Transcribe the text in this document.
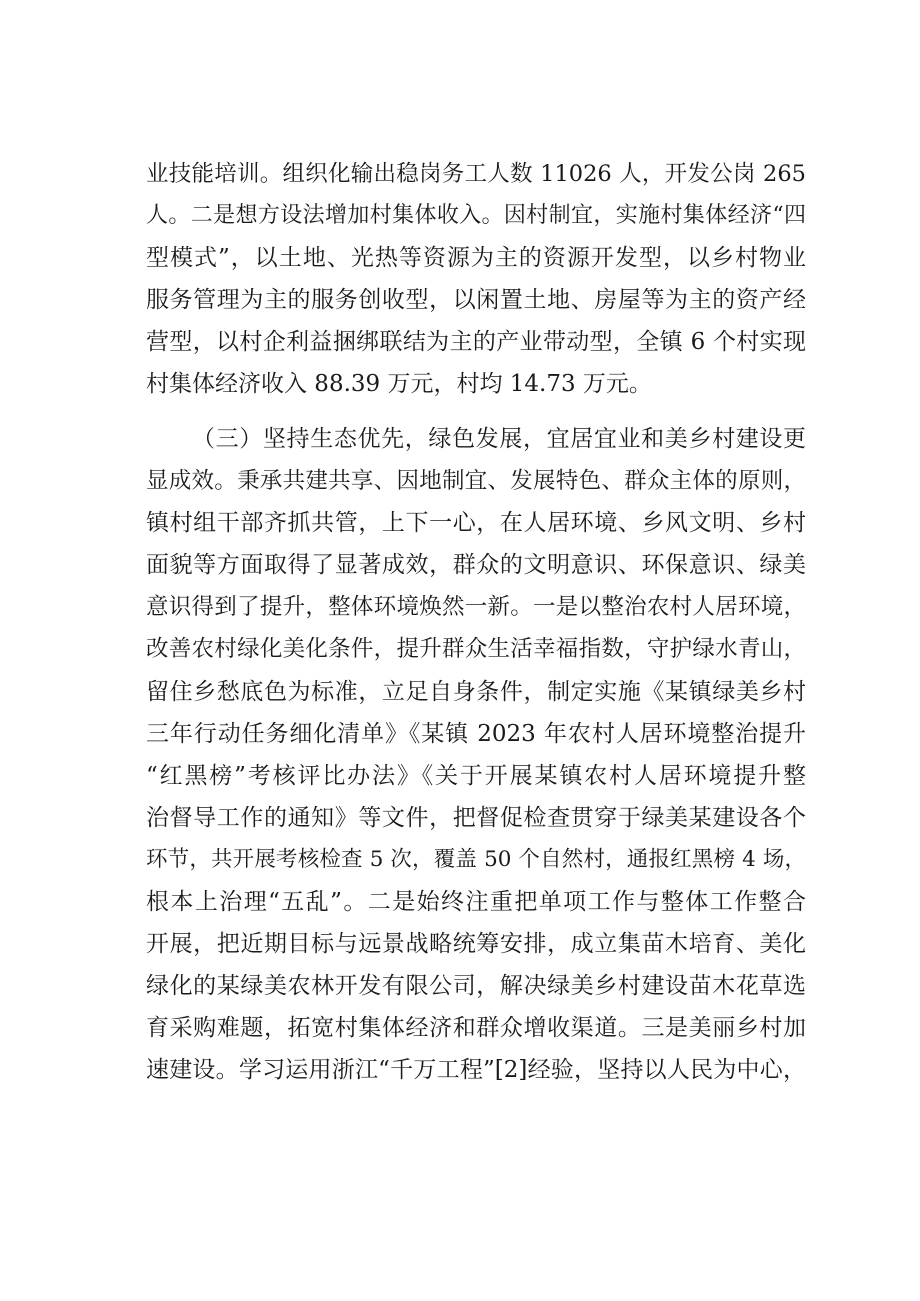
业技能培训。组织化输出稳岗务工人数 11026 人，开发公岗 265
人。二是想方设法增加村集体收入。因村制宜，实施村集体经济“四
型模式”，以土地、光热等资源为主的资源开发型，以乡村物业
服务管理为主的服务创收型，以闲置土地、房屋等为主的资产经
营型，以村企利益捆绑联结为主的产业带动型，全镇 6 个村实现
村集体经济收入 88.39 万元，村均 14.73 万元。
（三）坚持生态优先，绿色发展，宜居宜业和美乡村建设更
显成效。秉承共建共享、因地制宜、发展特色、群众主体的原则，
镇村组干部齐抓共管，上下一心，在人居环境、乡风文明、乡村
面貌等方面取得了显著成效，群众的文明意识、环保意识、绿美
意识得到了提升，整体环境焕然一新。一是以整治农村人居环境，
改善农村绿化美化条件，提升群众生活幸福指数，守护绿水青山，
留住乡愁底色为标准，立足自身条件，制定实施《某镇绿美乡村
三年行动任务细化清单》《某镇 2023 年农村人居环境整治提升
“红黑榜”考核评比办法》《关于开展某镇农村人居环境提升整
治督导工作的通知》等文件，把督促检查贯穿于绿美某建设各个
环节，共开展考核检查 5 次，覆盖 50 个自然村，通报红黑榜 4 场，
根本上治理“五乱”。二是始终注重把单项工作与整体工作整合
开展，把近期目标与远景战略统筹安排，成立集苗木培育、美化
绿化的某绿美农林开发有限公司，解决绿美乡村建设苗木花草选
育采购难题，拓宽村集体经济和群众增收渠道。三是美丽乡村加
速建设。学习运用浙江“千万工程”[2]经验，坚持以人民为中心，
